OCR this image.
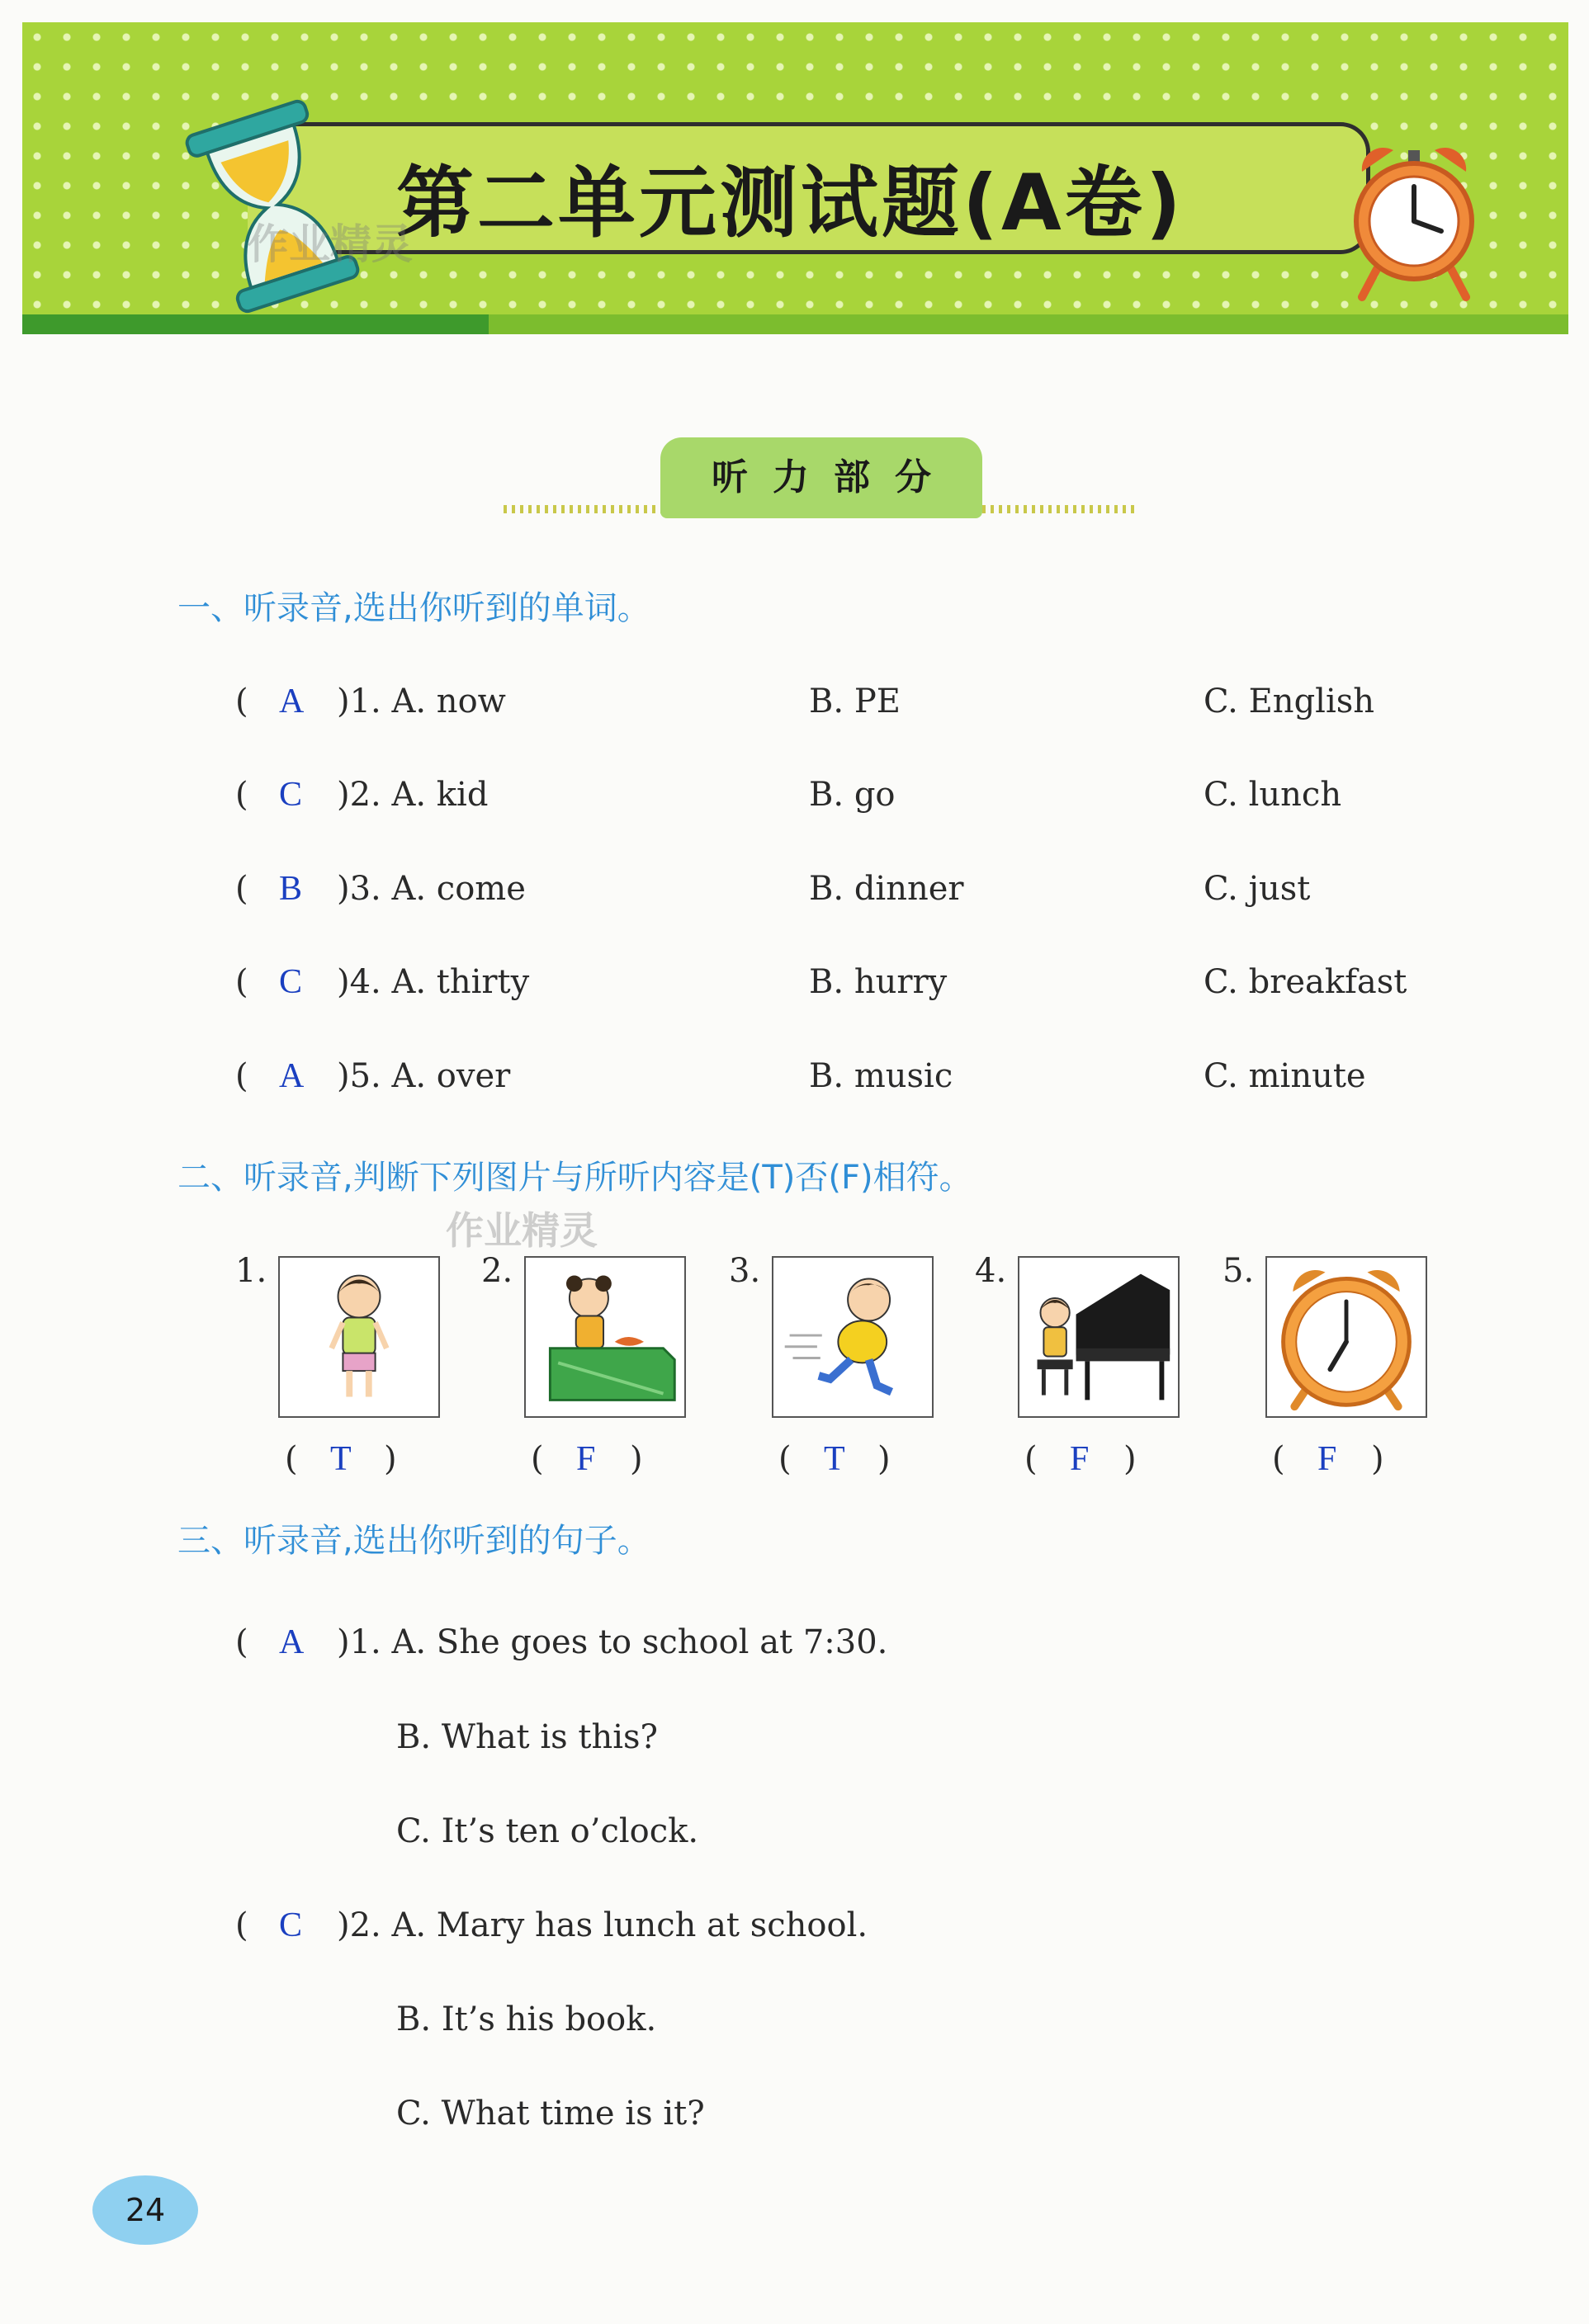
第二单元测试题(A卷)
作业精灵
听力部分
一、听录音,选出你听到的单词。
( A )1. A. now	B. PE	C. English
( C )2. A. kid	B. go	C. lunch
( B )3. A. come	B. dinner	C. just
( C )4. A. thirty	B. hurry	C. breakfast
( A )5. A. over	B. music	C. minute
二、听录音,判断下列图片与所听内容是(T)否(F)相符。
作业精灵
1.
( T )
2.
( F )
3.
( T )
4.
( F )
5.
( F )
三、听录音,选出你听到的句子。
( A )1. A. She goes to school at 7:30.
B. What is this?
C. It’s ten o’clock.
( C )2. A. Mary has lunch at school.
B. It’s his book.
C. What time is it?
24
